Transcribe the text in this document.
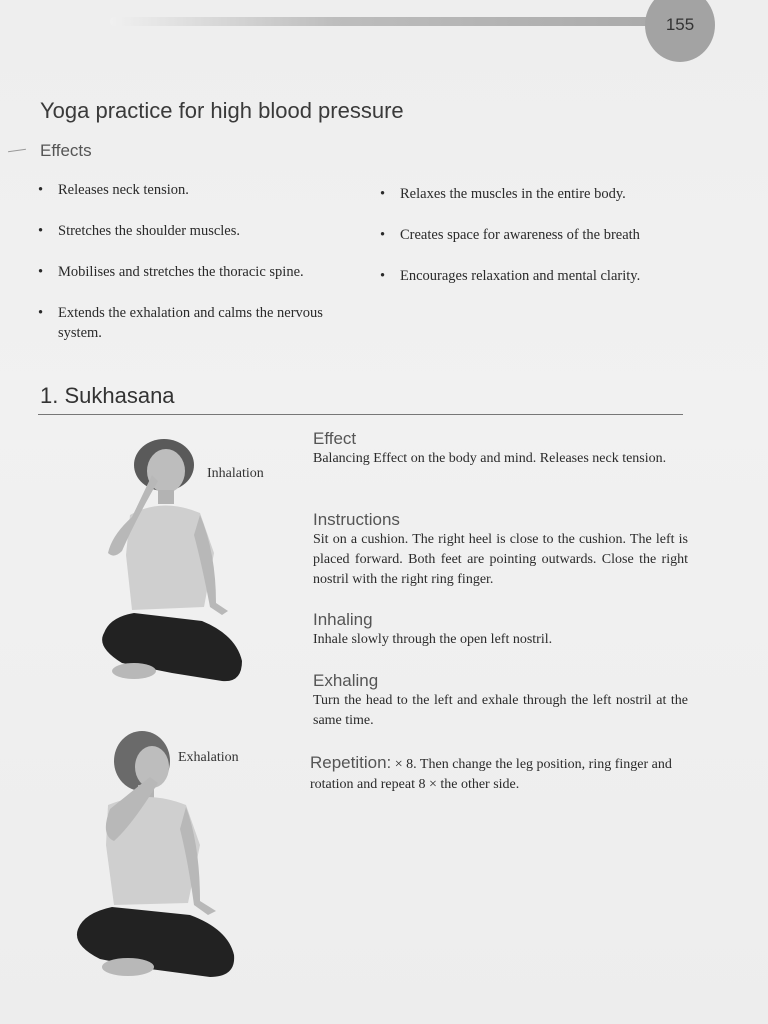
155
Yoga practice for high blood pressure
Effects
• Releases neck tension.
• Stretches the shoulder muscles.
• Mobilises and stretches the thoracic spine.
• Extends the exhalation and calms the nervous system.
• Relaxes the muscles in the entire body.
• Creates space for awareness of the breath
• Encourages relaxation and mental clarity.
1. Sukhasana
Inhalation
Exhalation
Effect
Balancing Effect on the body and mind. Releases neck tension.
Instructions
Sit on a cushion. The right heel is close to the cushion. The left is placed forward. Both feet are pointing outwards. Close the right nostril with the right ring finger.
Inhaling
Inhale slowly through the open left nostril.
Exhaling
Turn the head to the left and exhale through the left nostril at the same time.
Repetition: × 8. Then change the leg position, ring finger and rotation and repeat 8 × the other side.
